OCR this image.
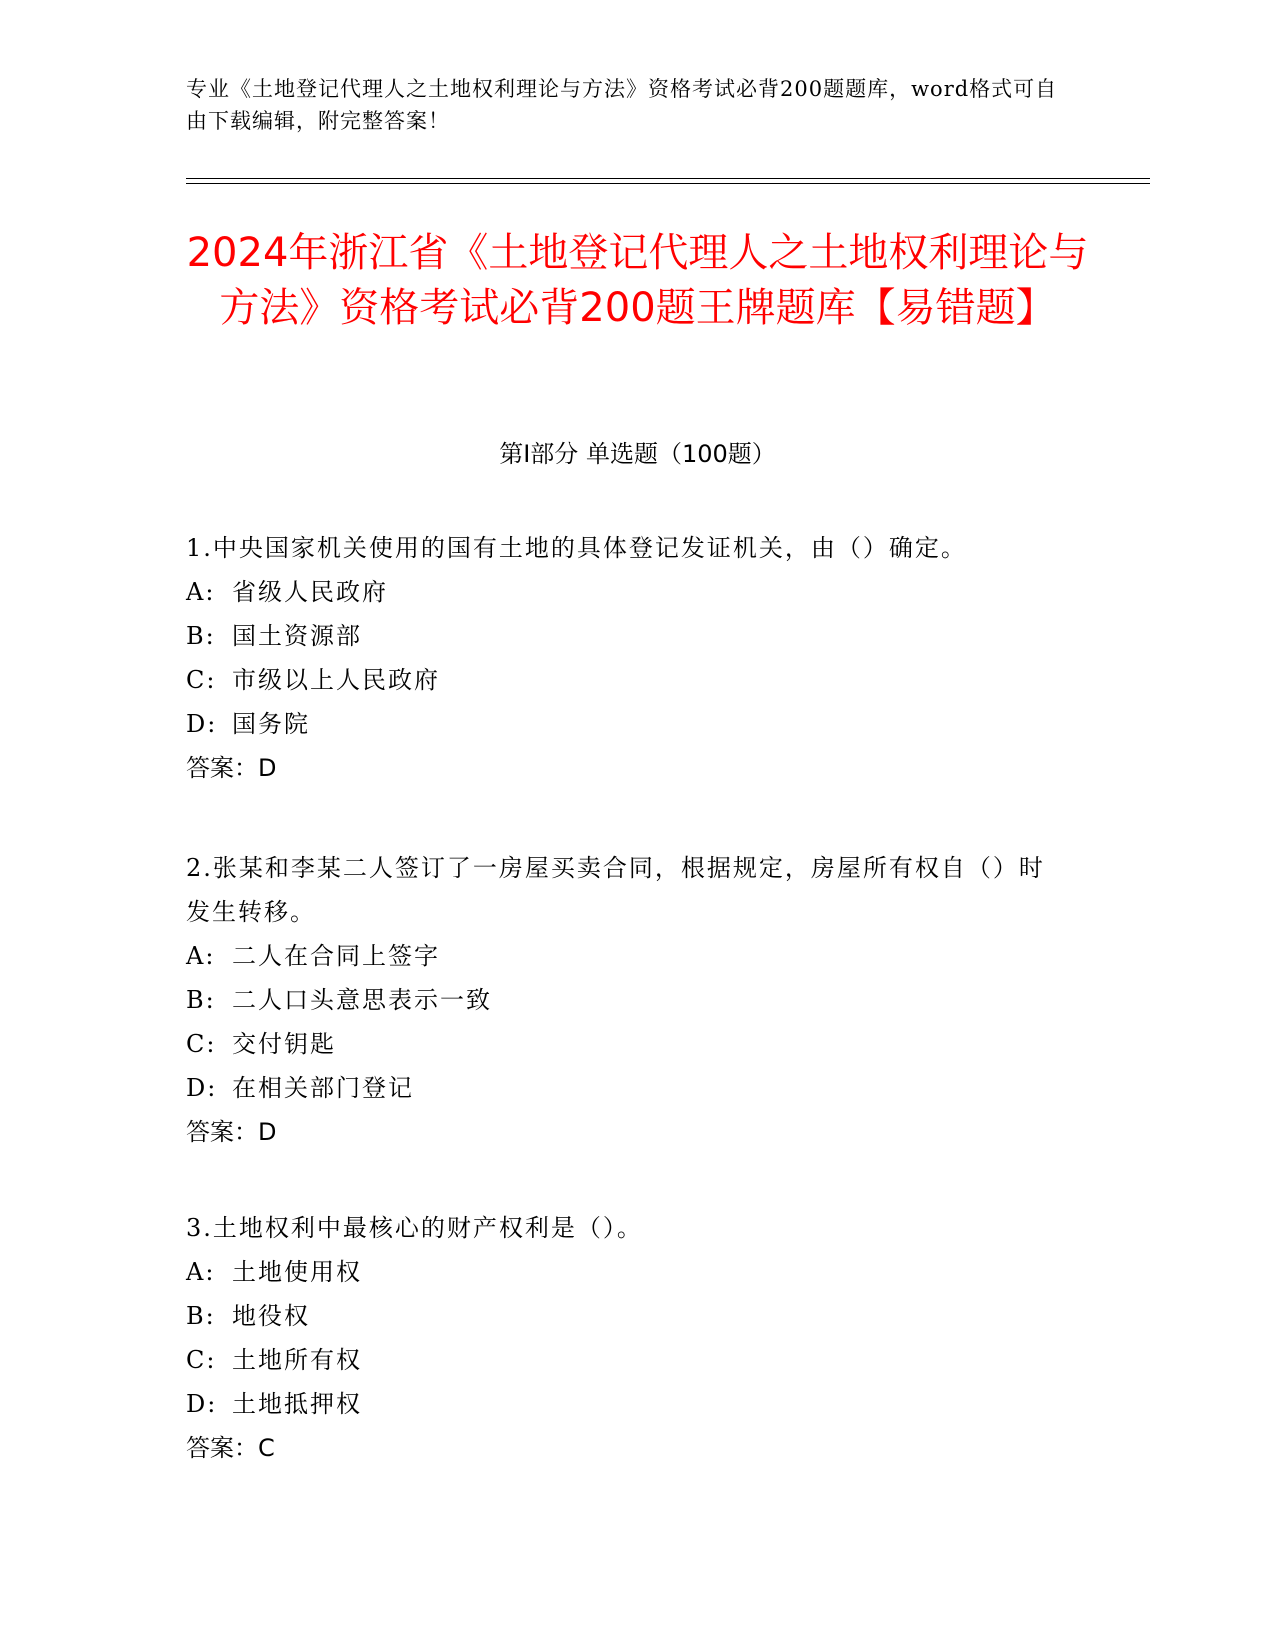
专业《土地登记代理人之土地权利理论与方法》资格考试必背200题题库，word格式可自由下载编辑，附完整答案！
2024年浙江省《土地登记代理人之土地权利理论与方法》资格考试必背200题王牌题库【易错题】
第Ⅰ部分 单选题（100题）

1.中央国家机关使用的国有土地的具体登记发证机关，由（）确定。

A: 省级人民政府

B: 国土资源部

C: 市级以上人民政府

D: 国务院

答案：D

2.张某和李某二人签订了一房屋买卖合同，根据规定，房屋所有权自（）时发生转移。

A: 二人在合同上签字

B: 二人口头意思表示一致

C: 交付钥匙

D: 在相关部门登记

答案：D

3.土地权利中最核心的财产权利是（）。

A: 土地使用权

B: 地役权

C: 土地所有权

D: 土地抵押权

答案：C
